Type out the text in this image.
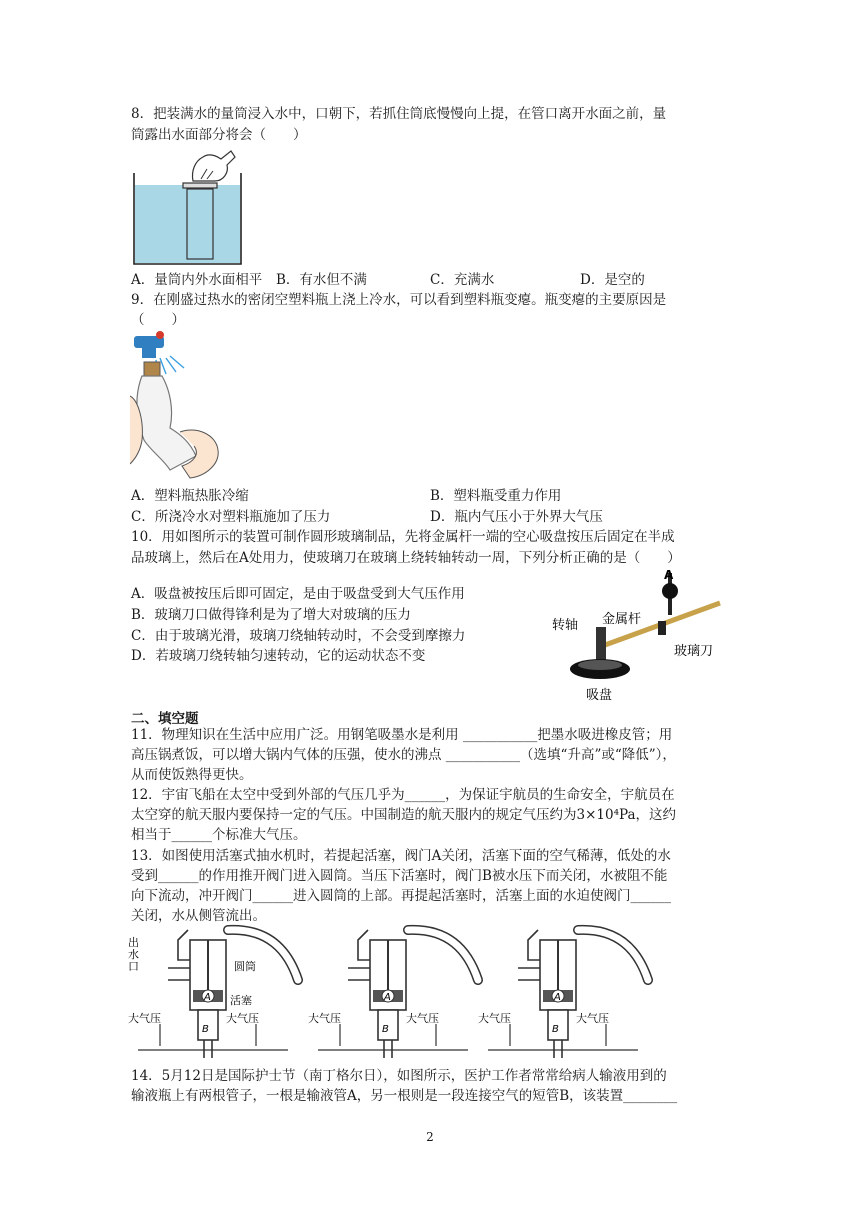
8．把装满水的量筒浸入水中，口朝下，若抓住筒底慢慢向上提，在管口离开水面之前，量
筒露出水面部分将会（　　）
A．量筒内外水面相平 B．有水但不满	C．充满水	D．是空的
9．在刚盛过热水的密闭空塑料瓶上浇上冷水，可以看到塑料瓶变瘪。瓶变瘪的主要原因是
（　　）
A．塑料瓶热胀冷缩	B．塑料瓶受重力作用
C．所浇冷水对塑料瓶施加了压力	D．瓶内气压小于外界大气压
10．用如图所示的装置可制作圆形玻璃制品，先将金属杆一端的空心吸盘按压后固定在半成
品玻璃上，然后在A处用力，使玻璃刀在玻璃上绕转轴转动一周，下列分析正确的是（　　）
A．吸盘被按压后即可固定，是由于吸盘受到大气压作用
B．玻璃刀口做得锋利是为了增大对玻璃的压力
C．由于玻璃光滑，玻璃刀绕轴转动时，不会受到摩擦力
D．若玻璃刀绕转轴匀速转动，它的运动状态不变
A
转轴 金属杆
玻璃刀
吸盘
二、填空题
11．物理知识在生活中应用广泛。用钢笔吸墨水是利用 ___________把墨水吸进橡皮管；用
高压锅煮饭，可以增大锅内气体的压强，使水的沸点 ___________（选填“升高”或“降低”），
从而使饭熟得更快。
12．宇宙飞船在太空中受到外部的气压几乎为______，为保证宇航员的生命安全，宇航员在
太空穿的航天服内要保持一定的气压。中国制造的航天服内的规定气压约为3×10⁴Pa，这约
相当于______个标准大气压。
13．如图使用活塞式抽水机时，若提起活塞，阀门A关闭，活塞下面的空气稀薄，低处的水
受到______的作用推开阀门进入圆筒。当压下活塞时，阀门B被水压下而关闭，水被阻不能
向下流动，冲开阀门______进入圆筒的上部。再提起活塞时，活塞上面的水迫使阀门______
关闭，水从侧管流出。
出
水
口	圆筒
活塞
A
B
大气压	大气压	大气压	大气压
A
B
大气压	大气压
A
B
14．5月12日是国际护士节（南丁格尔日），如图所示，医护工作者常常给病人输液用到的
输液瓶上有两根管子，一根是输液管A，另一根则是一段连接空气的短管B，该装置________
2
